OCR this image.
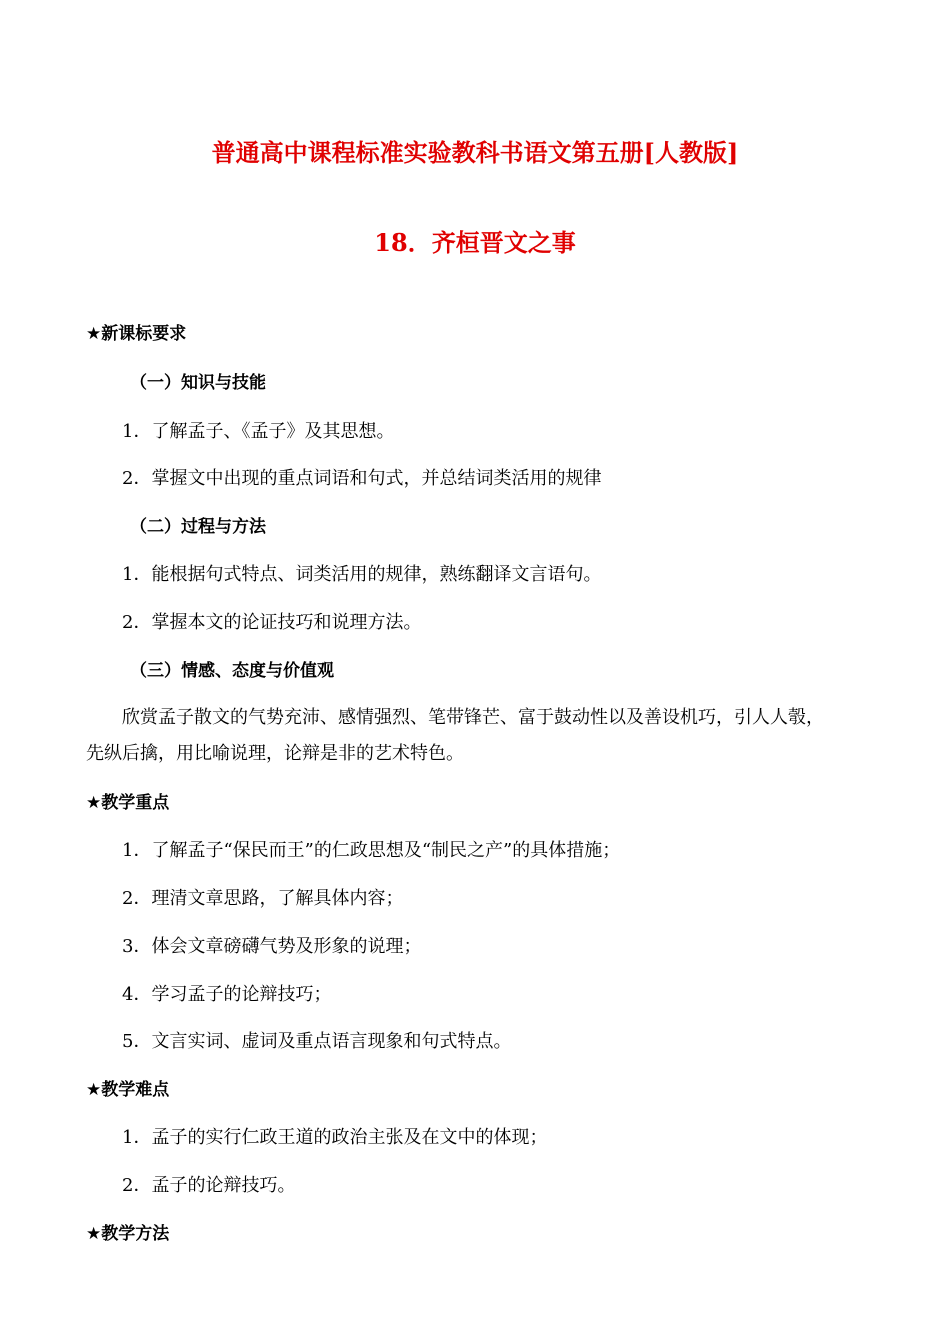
普通高中课程标准实验教科书语文第五册[人教版]
18．齐桓晋文之事
★新课标要求
（一）知识与技能
1．了解孟子、《孟子》及其思想。
2．掌握文中出现的重点词语和句式，并总结词类活用的规律
（二）过程与方法
1．能根据句式特点、词类活用的规律，熟练翻译文言语句。
2．掌握本文的论证技巧和说理方法。
（三）情感、态度与价值观
欣赏孟子散文的气势充沛、感情强烈、笔带锋芒、富于鼓动性以及善设机巧，引人人彀，
先纵后擒，用比喻说理，论辩是非的艺术特色。
★教学重点
1．了解孟子“保民而王”的仁政思想及“制民之产”的具体措施；
2．理清文章思路，了解具体内容；
3．体会文章磅礴气势及形象的说理；
4．学习孟子的论辩技巧；
5．文言实词、虚词及重点语言现象和句式特点。
★教学难点
1．孟子的实行仁政王道的政治主张及在文中的体现；
2．孟子的论辩技巧。
★教学方法
